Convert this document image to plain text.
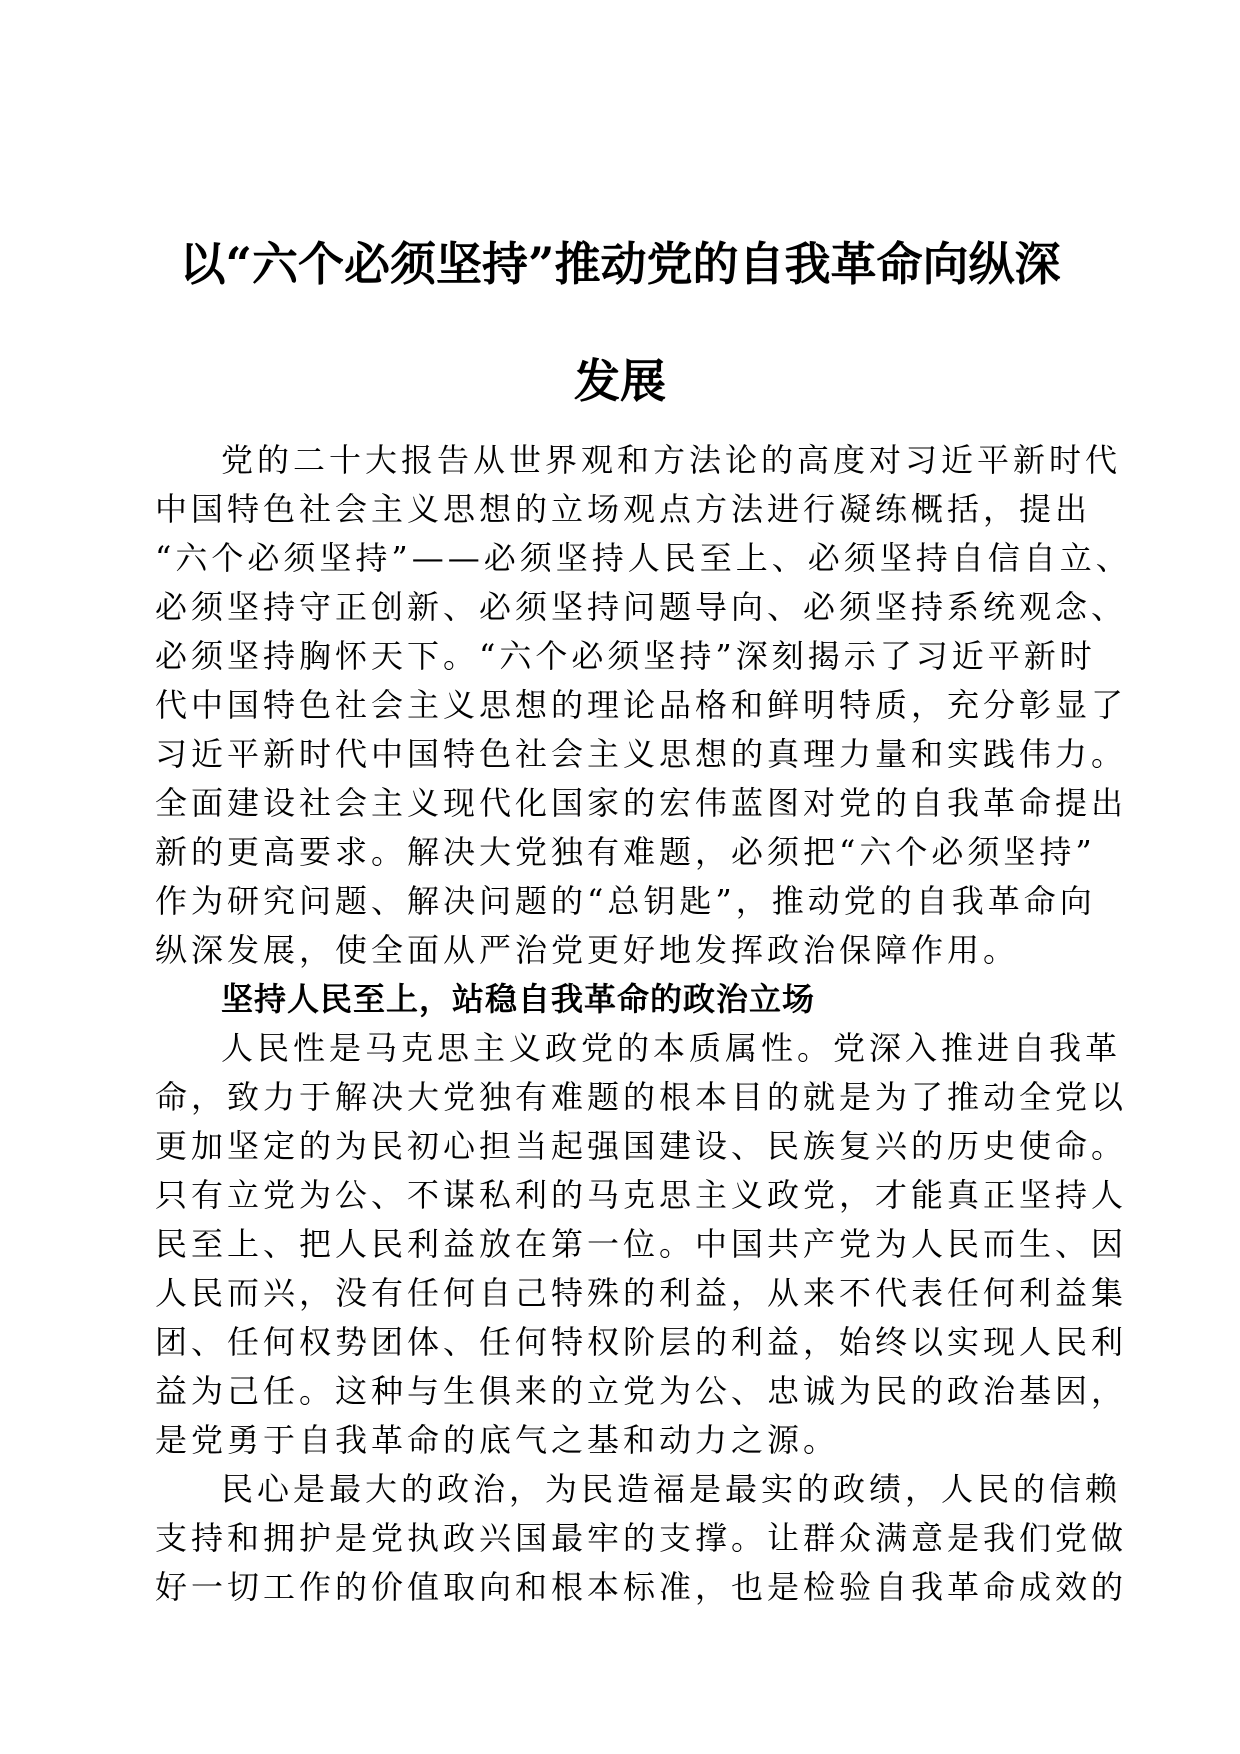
以“六个必须坚持”推动党的自我革命向纵深
发展
党的二十大报告从世界观和方法论的高度对习近平新时代
中国特色社会主义思想的立场观点方法进行凝练概括，提出
“六个必须坚持”——必须坚持人民至上、必须坚持自信自立、
必须坚持守正创新、必须坚持问题导向、必须坚持系统观念、
必须坚持胸怀天下。“六个必须坚持”深刻揭示了习近平新时
代中国特色社会主义思想的理论品格和鲜明特质，充分彰显了
习近平新时代中国特色社会主义思想的真理力量和实践伟力。
全面建设社会主义现代化国家的宏伟蓝图对党的自我革命提出
新的更高要求。解决大党独有难题，必须把“六个必须坚持”
作为研究问题、解决问题的“总钥匙”，推动党的自我革命向
纵深发展，使全面从严治党更好地发挥政治保障作用。
坚持人民至上，站稳自我革命的政治立场
人民性是马克思主义政党的本质属性。党深入推进自我革
命，致力于解决大党独有难题的根本目的就是为了推动全党以
更加坚定的为民初心担当起强国建设、民族复兴的历史使命。
只有立党为公、不谋私利的马克思主义政党，才能真正坚持人
民至上、把人民利益放在第一位。中国共产党为人民而生、因
人民而兴，没有任何自己特殊的利益，从来不代表任何利益集
团、任何权势团体、任何特权阶层的利益，始终以实现人民利
益为己任。这种与生俱来的立党为公、忠诚为民的政治基因，
是党勇于自我革命的底气之基和动力之源。
民心是最大的政治，为民造福是最实的政绩，人民的信赖
支持和拥护是党执政兴国最牢的支撑。让群众满意是我们党做
好一切工作的价值取向和根本标准，也是检验自我革命成效的
